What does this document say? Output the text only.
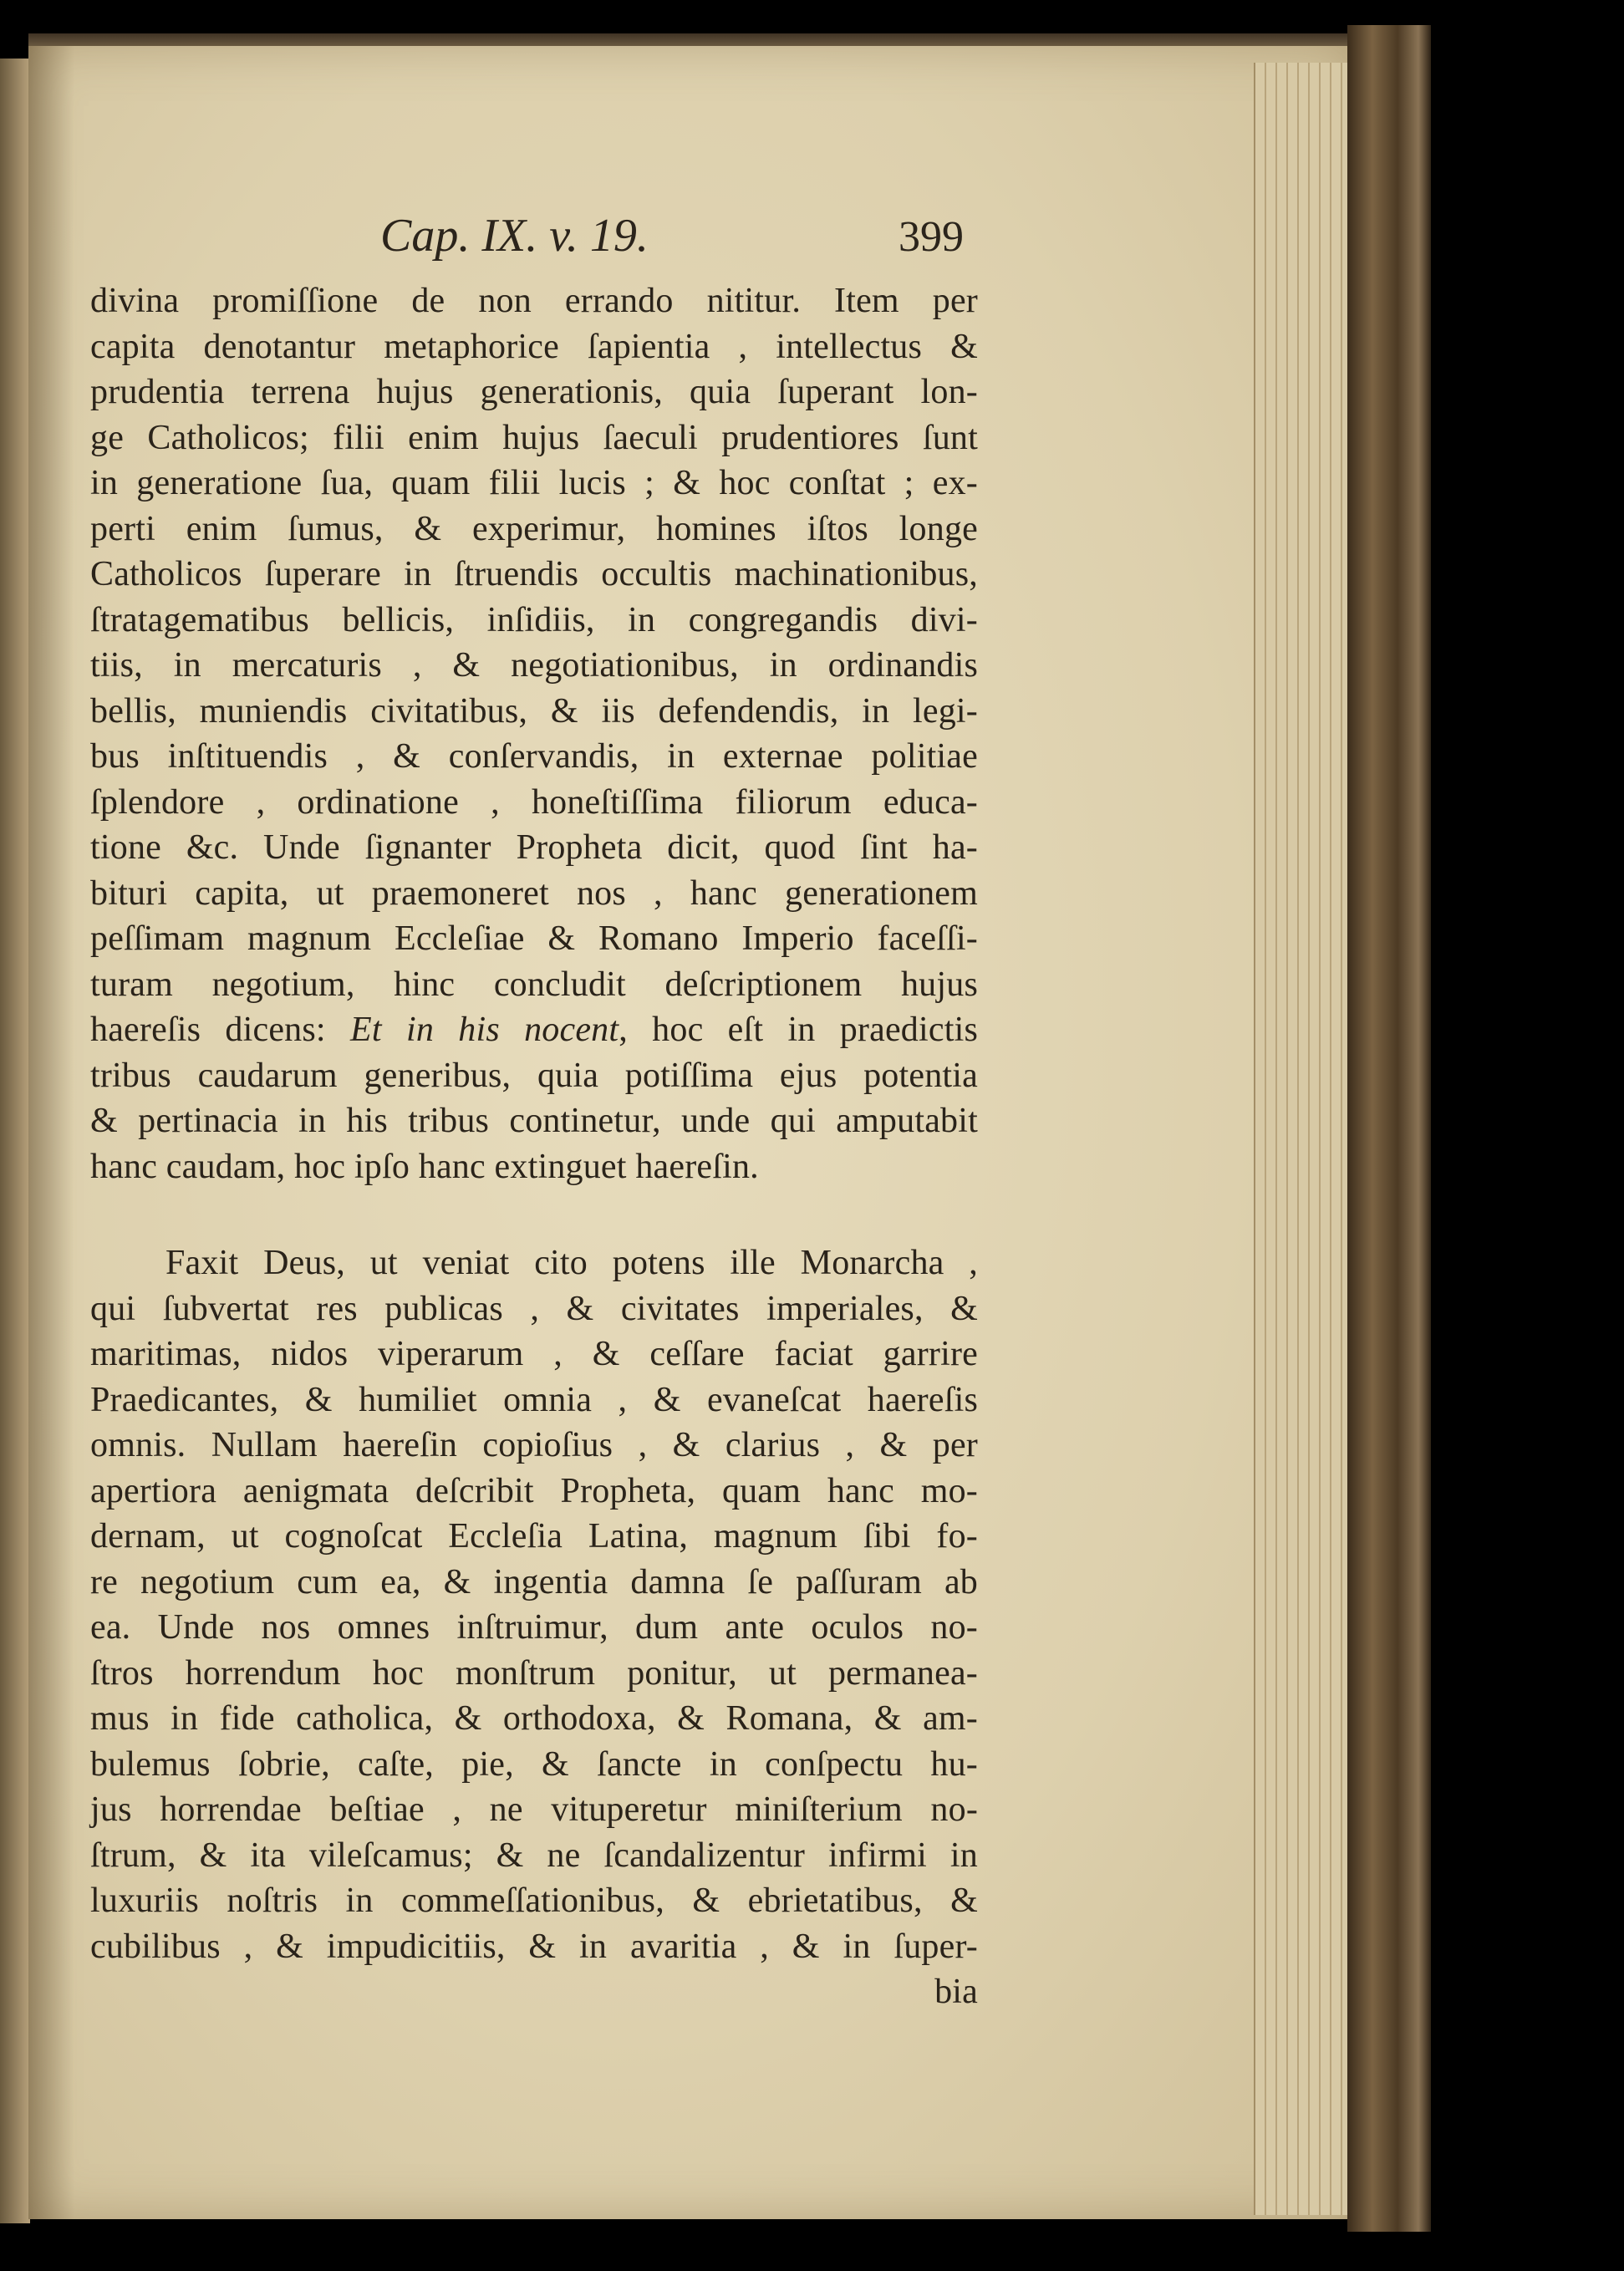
Cap. IX. v. 19.	399
divina promiſſione de non errando nititur. Item per
capita denotantur metaphorice ſapientia , intellectus &
prudentia terrena hujus generationis, quia ſuperant lon-
ge Catholicos; filii enim hujus ſaeculi prudentiores ſunt
in generatione ſua, quam filii lucis ; & hoc conſtat ; ex-
perti enim ſumus, & experimur, homines iſtos longe
Catholicos ſuperare in ſtruendis occultis machinationibus,
ſtratagematibus bellicis, inſidiis, in congregandis divi-
tiis, in mercaturis , & negotiationibus, in ordinandis
bellis, muniendis civitatibus, & iis defendendis, in legi-
bus inſtituendis , & conſervandis, in externae politiae
ſplendore , ordinatione , honeſtiſſima filiorum educa-
tione &c. Unde ſignanter Propheta dicit, quod ſint ha-
bituri capita, ut praemoneret nos , hanc generationem
peſſimam magnum Eccleſiae & Romano Imperio faceſſi-
turam negotium, hinc concludit deſcriptionem hujus
haereſis dicens: Et in his nocent, hoc eſt in praedictis
tribus caudarum generibus, quia potiſſima ejus potentia
& pertinacia in his tribus continetur, unde qui amputabit
hanc caudam, hoc ipſo hanc extinguet haereſin.
Faxit Deus, ut veniat cito potens ille Monarcha ,
qui ſubvertat res publicas , & civitates imperiales, &
maritimas, nidos viperarum , & ceſſare faciat garrire
Praedicantes, & humiliet omnia , & evaneſcat haereſis
omnis. Nullam haereſin copioſius , & clarius , & per
apertiora aenigmata deſcribit Propheta, quam hanc mo-
dernam, ut cognoſcat Eccleſia Latina, magnum ſibi fo-
re negotium cum ea, & ingentia damna ſe paſſuram ab
ea. Unde nos omnes inſtruimur, dum ante oculos no-
ſtros horrendum hoc monſtrum ponitur, ut permanea-
mus in fide catholica, & orthodoxa, & Romana, & am-
bulemus ſobrie, caſte, pie, & ſancte in conſpectu hu-
jus horrendae beſtiae , ne vituperetur miniſterium no-
ſtrum, & ita vileſcamus; & ne ſcandalizentur infirmi in
luxuriis noſtris in commeſſationibus, & ebrietatibus, &
cubilibus , & impudicitiis, & in avaritia , & in ſuper-
bia
